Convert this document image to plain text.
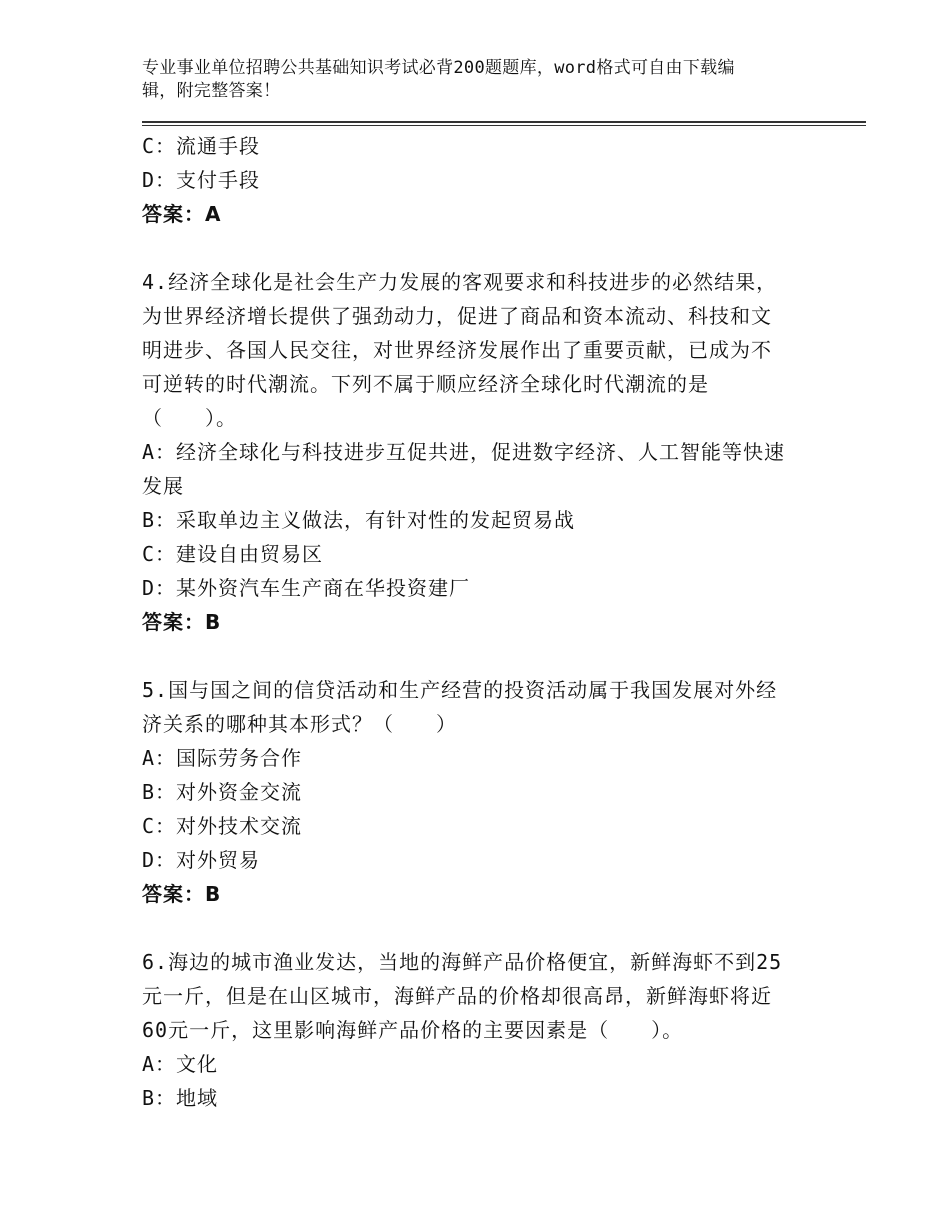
专业事业单位招聘公共基础知识考试必背200题题库，word格式可自由下载编
辑，附完整答案！
C：流通手段
D：支付手段
答案：A
4.经济全球化是社会生产力发展的客观要求和科技进步的必然结果，
为世界经济增长提供了强劲动力，促进了商品和资本流动、科技和文
明进步、各国人民交往，对世界经济发展作出了重要贡献，已成为不
可逆转的时代潮流。下列不属于顺应经济全球化时代潮流的是
（　　）。
A：经济全球化与科技进步互促共进，促进数字经济、人工智能等快速
发展
B：采取单边主义做法，有针对性的发起贸易战
C：建设自由贸易区
D：某外资汽车生产商在华投资建厂
答案：B
5.国与国之间的信贷活动和生产经营的投资活动属于我国发展对外经
济关系的哪种其本形式？（　　）
A：国际劳务合作
B：对外资金交流
C：对外技术交流
D：对外贸易
答案：B
6.海边的城市渔业发达，当地的海鲜产品价格便宜，新鲜海虾不到25
元一斤，但是在山区城市，海鲜产品的价格却很高昂，新鲜海虾将近
60元一斤，这里影响海鲜产品价格的主要因素是（　　）。
A：文化
B：地域
